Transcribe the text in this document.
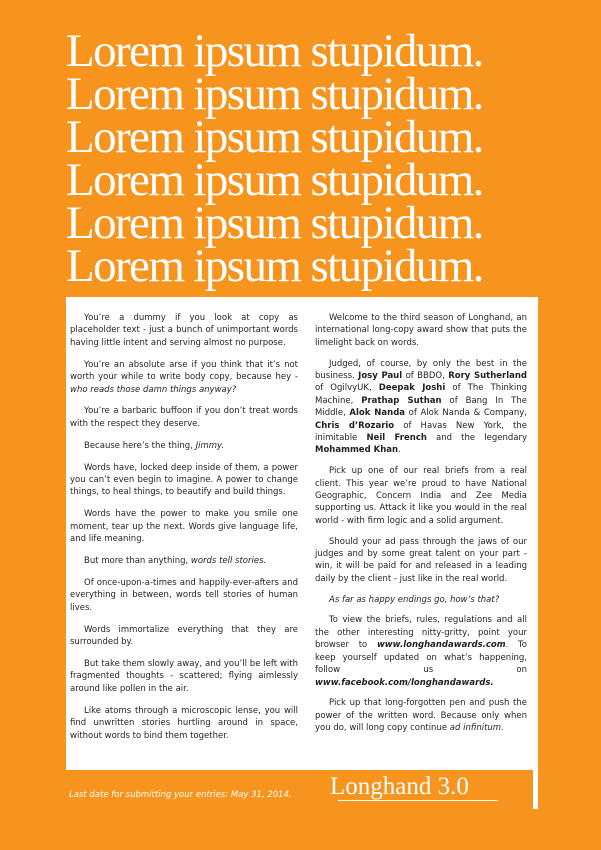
Lorem ipsum stupidum.
Lorem ipsum stupidum.
Lorem ipsum stupidum.
Lorem ipsum stupidum.
Lorem ipsum stupidum.
Lorem ipsum stupidum.

You’re a dummy if you look at copy as placeholder text - just a bunch of unimportant words having little intent and serving almost no purpose.

You’re an absolute arse if you think that it’s not worth your while to write body copy, because hey - who reads those damn things anyway?

You’re a barbaric buffoon if you don’t treat words with the respect they deserve.

Because here’s the thing, Jimmy.

Words have, locked deep inside of them, a power you can’t even begin to imagine. A power to change things, to heal things, to beautify and build things.

Words have the power to make you smile one moment, tear up the next. Words give language life, and life meaning.

But more than anything, words tell stories.

Of once-upon-a-times and happily-ever-afters and everything in between, words tell stories of human lives.

Words immortalize everything that they are surrounded by.

But take them slowly away, and you’ll be left with fragmented thoughts - scattered; flying aimlessly around like pollen in the air.

Like atoms through a microscopic lense, you will find unwritten stories hurtling around in space, without words to bind them together.

Welcome to the third season of Longhand, an international long-copy award show that puts the limelight back on words.

Judged, of course, by only the best in the business. Josy Paul of BBDO, Rory Sutherland of OgilvyUK, Deepak Joshi of The Thinking Machine, Prathap Suthan of Bang In The Middle, Alok Nanda of Alok Nanda & Company, Chris d’Rozario of Havas New York, the inimitable Neil French and the legendary Mohammed Khan.

Pick up one of our real briefs from a real client. This year we’re proud to have National Geographic, Concern India and Zee Media supporting us. Attack it like you would in the real world - with firm logic and a solid argument.

Should your ad pass through the jaws of our judges and by some great talent on your part - win, it will be paid for and released in a leading daily by the client - just like in the real world.

As far as happy endings go, how’s that?

To view the briefs, rules, regulations and all the other interesting nitty-gritty, point your browser to www.longhandawards.com. To keep yourself updated on what’s happening, follow us on www.facebook.com/longhandawards.

Pick up that long-forgotten pen and push the power of the written word. Because only when you do, will long copy continue ad infinitum.

Last date for submitting your entries: May 31, 2014. Longhand 3.0
